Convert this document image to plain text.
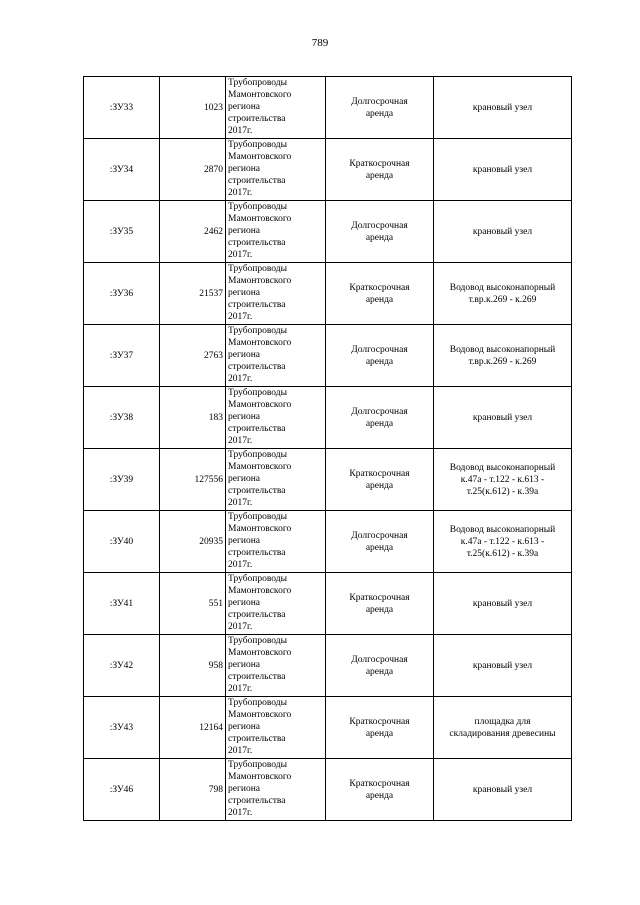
789
:ЗУ33	1023	Трубопроводы
Мамонтовского
региона
строительства
2017г.	Долгосрочная
аренда	крановый узел

:ЗУ34	2870	Трубопроводы
Мамонтовского
региона
строительства
2017г.	Краткосрочная
аренда	крановый узел

:ЗУ35	2462	Трубопроводы
Мамонтовского
региона
строительства
2017г.	Долгосрочная
аренда	крановый узел

:ЗУ36	21537	Трубопроводы
Мамонтовского
региона
строительства
2017г.	Краткосрочная
аренда	Водовод высоконапорный
т.вр.к.269 - к.269

:ЗУ37	2763	Трубопроводы
Мамонтовского
региона
строительства
2017г.	Долгосрочная
аренда	Водовод высоконапорный
т.вр.к.269 - к.269

:ЗУ38	183	Трубопроводы
Мамонтовского
региона
строительства
2017г.	Долгосрочная
аренда	крановый узел

:ЗУ39	127556	Трубопроводы
Мамонтовского
региона
строительства
2017г.	Краткосрочная
аренда	Водовод высоконапорный
к.47а - т.122 - к.613 -
т.25(к.612) - к.39а

:ЗУ40	20935	Трубопроводы
Мамонтовского
региона
строительства
2017г.	Долгосрочная
аренда	Водовод высоконапорный
к.47а - т.122 - к.613 -
т.25(к.612) - к.39а

:ЗУ41	551	Трубопроводы
Мамонтовского
региона
строительства
2017г.	Краткосрочная
аренда	крановый узел

:ЗУ42	958	Трубопроводы
Мамонтовского
региона
строительства
2017г.	Долгосрочная
аренда	крановый узел

:ЗУ43	12164	Трубопроводы
Мамонтовского
региона
строительства
2017г.	Краткосрочная
аренда	площадка для
складирования древесины

:ЗУ46	798	Трубопроводы
Мамонтовского
региона
строительства
2017г.	Краткосрочная
аренда	крановый узел
